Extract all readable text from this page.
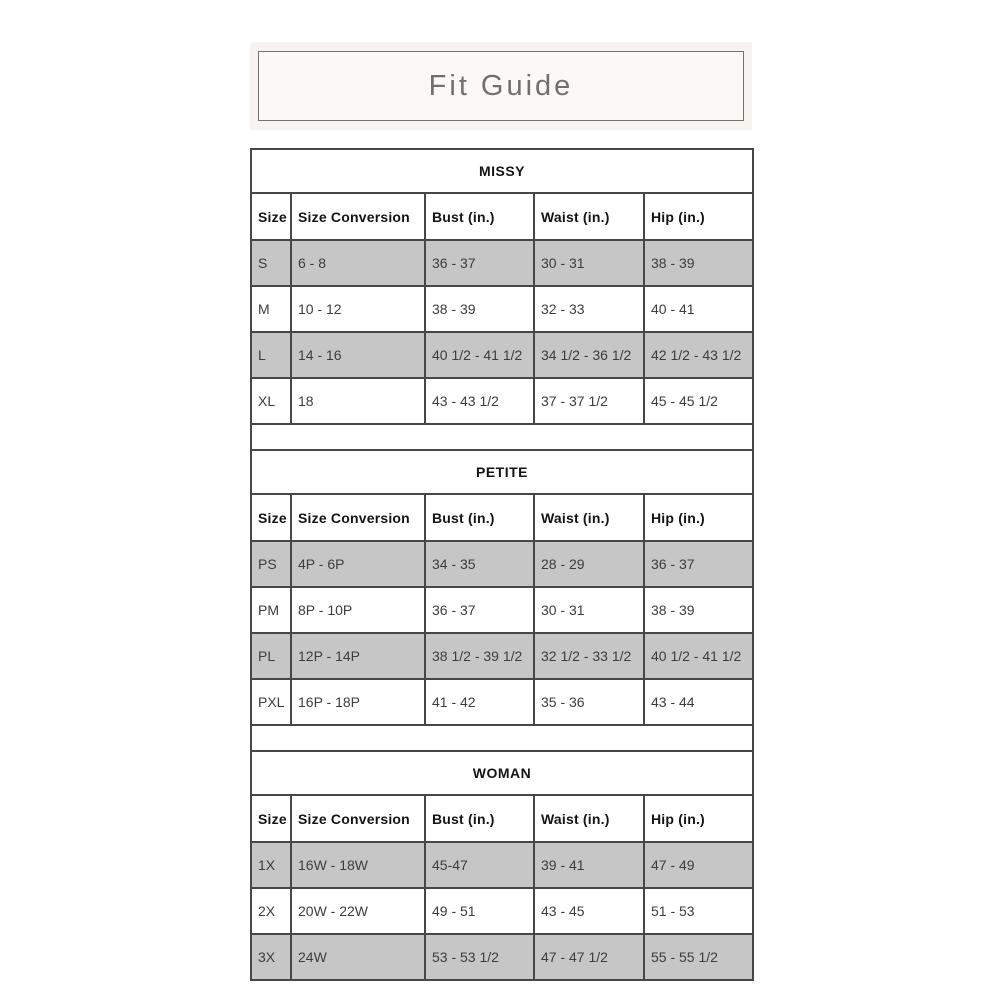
Fit Guide
MISSY				
Size	Size Conversion	Bust (in.)	Waist (in.)	Hip (in.)
S	6 - 8	36 - 37	30 - 31	38 - 39
M	10 - 12	38 - 39	32 - 33	40 - 41
L	14 - 16	40 1/2 - 41 1/2	34 1/2 - 36 1/2	42 1/2 - 43 1/2
XL	18	43 - 43 1/2	37 - 37 1/2	45 - 45 1/2

PETITE				
Size	Size Conversion	Bust (in.)	Waist (in.)	Hip (in.)
PS	4P - 6P	34 - 35	28 - 29	36 - 37
PM	8P - 10P	36 - 37	30 - 31	38 - 39
PL	12P - 14P	38 1/2 - 39 1/2	32 1/2 - 33 1/2	40 1/2 - 41 1/2
PXL	16P - 18P	41 - 42	35 - 36	43 - 44

WOMAN				
Size	Size Conversion	Bust (in.)	Waist (in.)	Hip (in.)
1X	16W - 18W	45-47	39 - 41	47 - 49
2X	20W - 22W	49 - 51	43 - 45	51 - 53
3X	24W	53 - 53 1/2	47 - 47 1/2	55 - 55 1/2
